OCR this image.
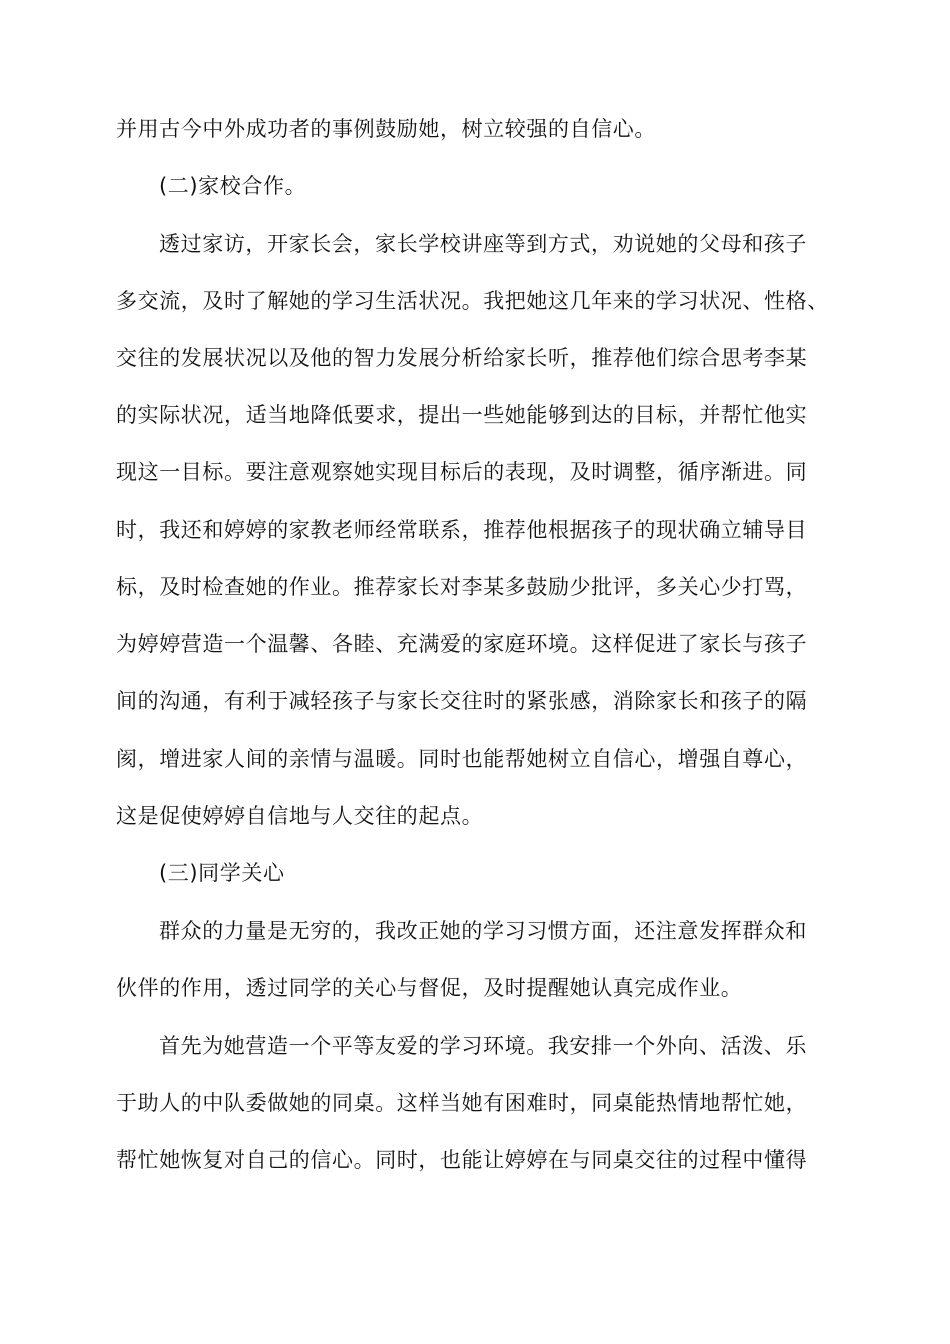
并用古今中外成功者的事例鼓励她，树立较强的自信心。
(二)家校合作。
透过家访，开家长会，家长学校讲座等到方式，劝说她的父母和孩子
多交流，及时了解她的学习生活状况。我把她这几年来的学习状况、性格、
交往的发展状况以及他的智力发展分析给家长听，推荐他们综合思考李某
的实际状况，适当地降低要求，提出一些她能够到达的目标，并帮忙他实
现这一目标。要注意观察她实现目标后的表现，及时调整，循序渐进。同
时，我还和婷婷的家教老师经常联系，推荐他根据孩子的现状确立辅导目
标，及时检查她的作业。推荐家长对李某多鼓励少批评，多关心少打骂，
为婷婷营造一个温馨、各睦、充满爱的家庭环境。这样促进了家长与孩子
间的沟通，有利于减轻孩子与家长交往时的紧张感，消除家长和孩子的隔
阂，增进家人间的亲情与温暖。同时也能帮她树立自信心，增强自尊心，
这是促使婷婷自信地与人交往的起点。
(三)同学关心
群众的力量是无穷的，我改正她的学习习惯方面，还注意发挥群众和
伙伴的作用，透过同学的关心与督促，及时提醒她认真完成作业。
首先为她营造一个平等友爱的学习环境。我安排一个外向、活泼、乐
于助人的中队委做她的同桌。这样当她有困难时，同桌能热情地帮忙她，
帮忙她恢复对自己的信心。同时，也能让婷婷在与同桌交往的过程中懂得
